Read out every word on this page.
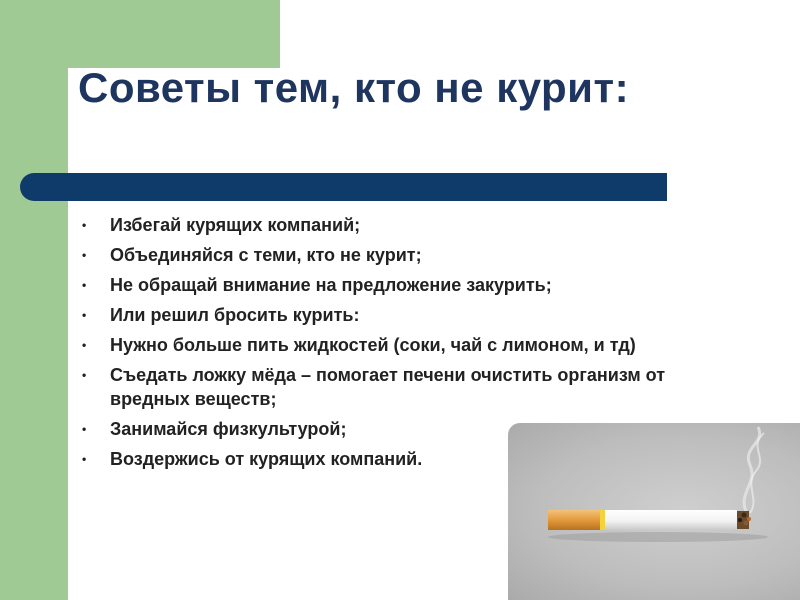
Советы тем, кто не курит:
• Избегай курящих компаний;
• Объединяйся с теми, кто не курит;
• Не обращай внимание на предложение закурить;
• Или решил бросить курить:
• Нужно больше пить жидкостей (соки, чай с лимоном, и тд)
• Съедать ложку мёда – помогает печени очистить организм от вредных веществ;
• Занимайся физкультурой;
• Воздержись от курящих компаний.
